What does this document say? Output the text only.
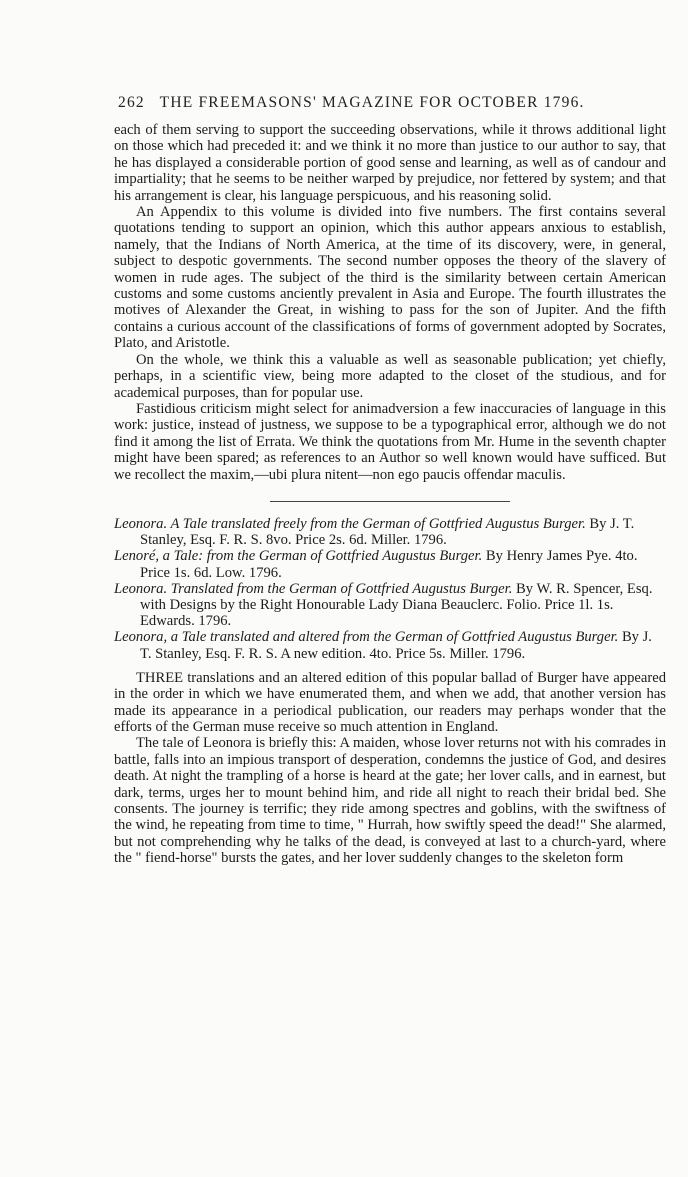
262 THE FREEMASONS' MAGAZINE FOR OCTOBER 1796.

each of them serving to support the succeeding observations, while it throws additional light on those which had preceded it: and we think it no more than justice to our author to say, that he has displayed a considerable portion of good sense and learning, as well as of candour and impartiality; that he seems to be neither warped by prejudice, nor fettered by system; and that his arrangement is clear, his language perspicuous, and his reasoning solid.

An Appendix to this volume is divided into five numbers. The first contains several quotations tending to support an opinion, which this author appears anxious to establish, namely, that the Indians of North America, at the time of its discovery, were, in general, subject to despotic governments. The second number opposes the theory of the slavery of women in rude ages. The subject of the third is the similarity between certain American customs and some customs anciently prevalent in Asia and Europe. The fourth illustrates the motives of Alexander the Great, in wishing to pass for the son of Jupiter. And the fifth contains a curious account of the classifications of forms of government adopted by Socrates, Plato, and Aristotle.

On the whole, we think this a valuable as well as seasonable publication; yet chiefly, perhaps, in a scientific view, being more adapted to the closet of the studious, and for academical purposes, than for popular use.

Fastidious criticism might select for animadversion a few inaccuracies of language in this work: justice, instead of justness, we suppose to be a typographical error, although we do not find it among the list of Errata. We think the quotations from Mr. Hume in the seventh chapter might have been spared; as references to an Author so well known would have sufficed. But we recollect the maxim,—ubi plura nitent—non ego paucis offendar maculis.

Leonora. A Tale translated freely from the German of Gottfried Augustus Burger. By J. T. Stanley, Esq. F. R. S. 8vo. Price 2s. 6d. Miller. 1796.

Lenoré, a Tale: from the German of Gottfried Augustus Burger. By Henry James Pye. 4to. Price 1s. 6d. Low. 1796.

Leonora. Translated from the German of Gottfried Augustus Burger. By W. R. Spencer, Esq. with Designs by the Right Honourable Lady Diana Beauclerc. Folio. Price 1l. 1s. Edwards. 1796.

Leonora, a Tale translated and altered from the German of Gottfried Augustus Burger. By J. T. Stanley, Esq. F. R. S. A new edition. 4to. Price 5s. Miller. 1796.

THREE translations and an altered edition of this popular ballad of Burger have appeared in the order in which we have enumerated them, and when we add, that another version has made its appearance in a periodical publication, our readers may perhaps wonder that the efforts of the German muse receive so much attention in England.

The tale of Leonora is briefly this: A maiden, whose lover returns not with his comrades in battle, falls into an impious transport of desperation, condemns the justice of God, and desires death. At night the trampling of a horse is heard at the gate; her lover calls, and in earnest, but dark, terms, urges her to mount behind him, and ride all night to reach their bridal bed. She consents. The journey is terrific; they ride among spectres and goblins, with the swiftness of the wind, he repeating from time to time, " Hurrah, how swiftly speed the dead!" She alarmed, but not comprehending why he talks of the dead, is conveyed at last to a church-yard, where the " fiend-horse" bursts the gates, and her lover suddenly changes to the skeleton form
